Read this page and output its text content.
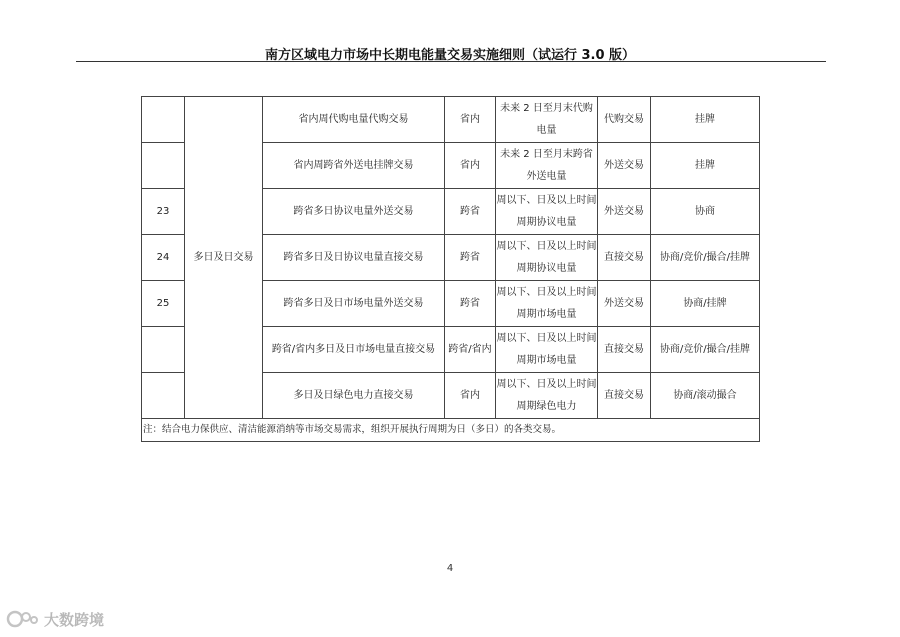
南方区域电力市场中长期电能量交易实施细则（试运行 3.0 版）
	多日及日交易	省内周代购电量代购交易	省内	未来 2 日至月末代购电量	代购交易	挂牌
		省内周跨省外送电挂牌交易	省内	未来 2 日至月末跨省外送电量	外送交易	挂牌
23		跨省多日协议电量外送交易	跨省	周以下、日及以上时间周期协议电量	外送交易	协商
24		跨省多日及日协议电量直接交易	跨省	周以下、日及以上时间周期协议电量	直接交易	协商/竞价/撮合/挂牌
25		跨省多日及日市场电量外送交易	跨省	周以下、日及以上时间周期市场电量	外送交易	协商/挂牌
		跨省/省内多日及日市场电量直接交易	跨省/省内	周以下、日及以上时间周期市场电量	直接交易	协商/竞价/撮合/挂牌
		多日及日绿色电力直接交易	省内	周以下、日及以上时间周期绿色电力	直接交易	协商/滚动撮合
注：结合电力保供应、清洁能源消纳等市场交易需求，组织开展执行周期为日（多日）的各类交易。						
4
大数跨境
